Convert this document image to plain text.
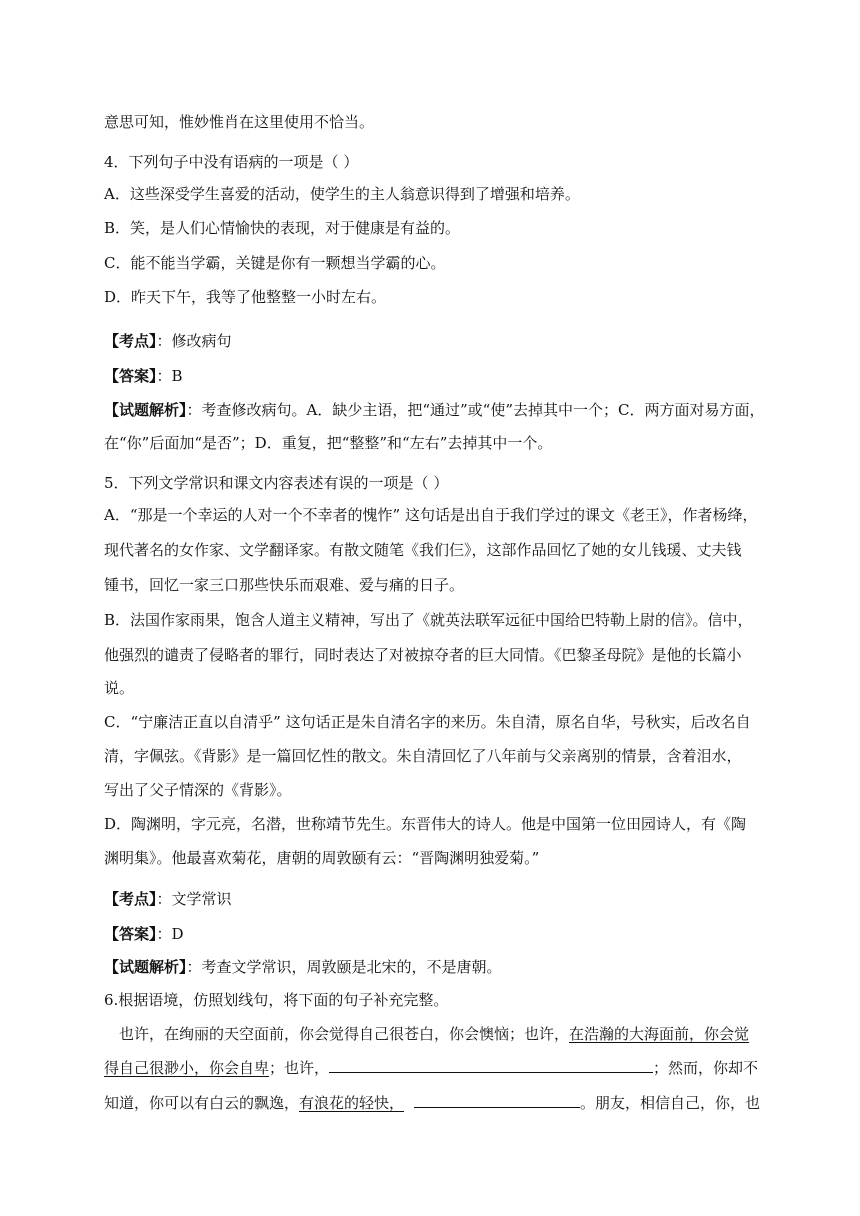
意思可知，惟妙惟肖在这里使用不恰当。
4．下列句子中没有语病的一项是（ ）
A．这些深受学生喜爱的活动，使学生的主人翁意识得到了增强和培养。
B．笑，是人们心情愉快的表现，对于健康是有益的。
C．能不能当学霸，关键是你有一颗想当学霸的心。
D．昨天下午，我等了他整整一小时左右。
【考点】：修改病句
【答案】：B
【试题解析】：考查修改病句。A．缺少主语，把“通过”或“使”去掉其中一个；C．两方面对易方面，
在“你”后面加“是否”；D．重复，把“整整”和“左右”去掉其中一个。
5．下列文学常识和课文内容表述有误的一项是（ ）
A．“那是一个幸运的人对一个不幸者的愧怍” 这句话是出自于我们学过的课文《老王》，作者杨绛，
现代著名的女作家、文学翻译家。有散文随笔《我们仨》，这部作品回忆了她的女儿钱瑗、丈夫钱
锺书，回忆一家三口那些快乐而艰难、爱与痛的日子。
B．法国作家雨果，饱含人道主义精神，写出了《就英法联军远征中国给巴特勒上尉的信》。信中，
他强烈的谴责了侵略者的罪行，同时表达了对被掠夺者的巨大同情。《巴黎圣母院》是他的长篇小
说。
C．“宁廉洁正直以自清乎” 这句话正是朱自清名字的来历。朱自清，原名自华，号秋实，后改名自
清，字佩弦。《背影》是一篇回忆性的散文。朱自清回忆了八年前与父亲离别的情景，含着泪水，
写出了父子情深的《背影》。
D．陶渊明，字元亮，名潜，世称靖节先生。东晋伟大的诗人。他是中国第一位田园诗人，有《陶
渊明集》。他最喜欢菊花，唐朝的周敦颐有云：“晋陶渊明独爱菊。”
【考点】：文学常识
【答案】：D
【试题解析】：考查文学常识，周敦颐是北宋的，不是唐朝。
6.根据语境，仿照划线句，将下面的句子补充完整。
也许，在绚丽的天空面前，你会觉得自己很苍白，你会懊恼；也许，在浩瀚的大海面前，你会觉
得自己很渺小，你会自卑；也许，	；然而，你却不
知道，你可以有白云的飘逸，有浪花的轻快，	。朋友，相信自己，你，也
